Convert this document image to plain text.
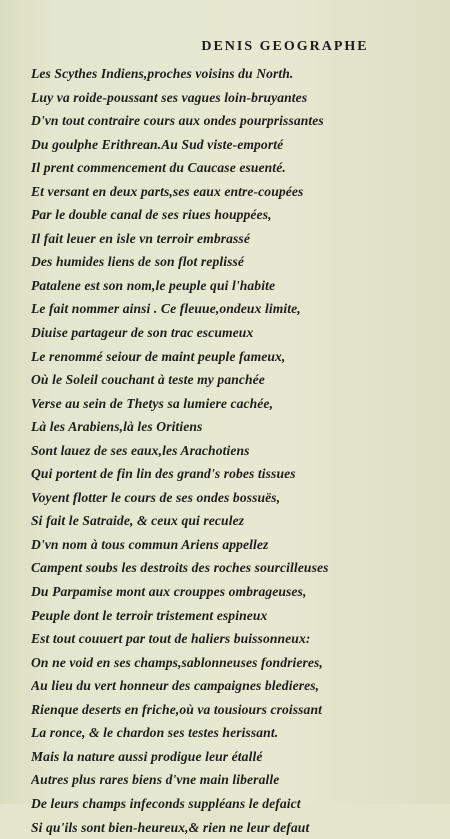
DENIS GEOGRAPHE
Les Scythes Indiens,proches voisins du North.
Luy va roide-poussant ses vagues loin-bruyantes
D'vn tout contraire cours aux ondes pourprissantes
Du goulphe Erithrean.Au Sud viste-emporté
Il prent commencement du Caucase esuenté.
Et versant en deux parts,ses eaux entre-coupées
Par le double canal de ses riues houppées,
Il fait leuer en isle vn terroir embrassé
Des humides liens de son flot replissé
Patalene est son nom,le peuple qui l'habite
Le fait nommer ainsi . Ce fleuue,ondeux limite,
Diuise partageur de son trac escumeux
Le renommé seiour de maint peuple fameux,
Où le Soleil couchant à teste my panchée
Verse au sein de Thetys sa lumiere cachée,
Là les Arabiens,là les Oritiens
Sont lauez de ses eaux,les Arachotiens
Qui portent de fin lin des grand's robes tissues
Voyent flotter le cours de ses ondes bossuës,
Si fait le Satraide, & ceux qui reculez
D'vn nom à tous commun Ariens appellez
Campent soubs les destroits des roches sourcilleuses
Du Parpamise mont aux crouppes ombrageuses,
Peuple dont le terroir tristement espineux
Est tout couuert par tout de haliers buissonneux:
On ne void en ses champs,sablonneuses fondrieres,
Au lieu du vert honneur des campaignes bledieres,
Rienque deserts en friche,où va tousiours croissant
La ronce, & le chardon ses testes herissant.
Mais la nature aussi prodigue leur étallé
Autres plus rares biens d'vne main liberalle
De leurs champs infeconds suppléans le defaict
Si qu'ils sont bien-heureux,& rien ne leur defaut
